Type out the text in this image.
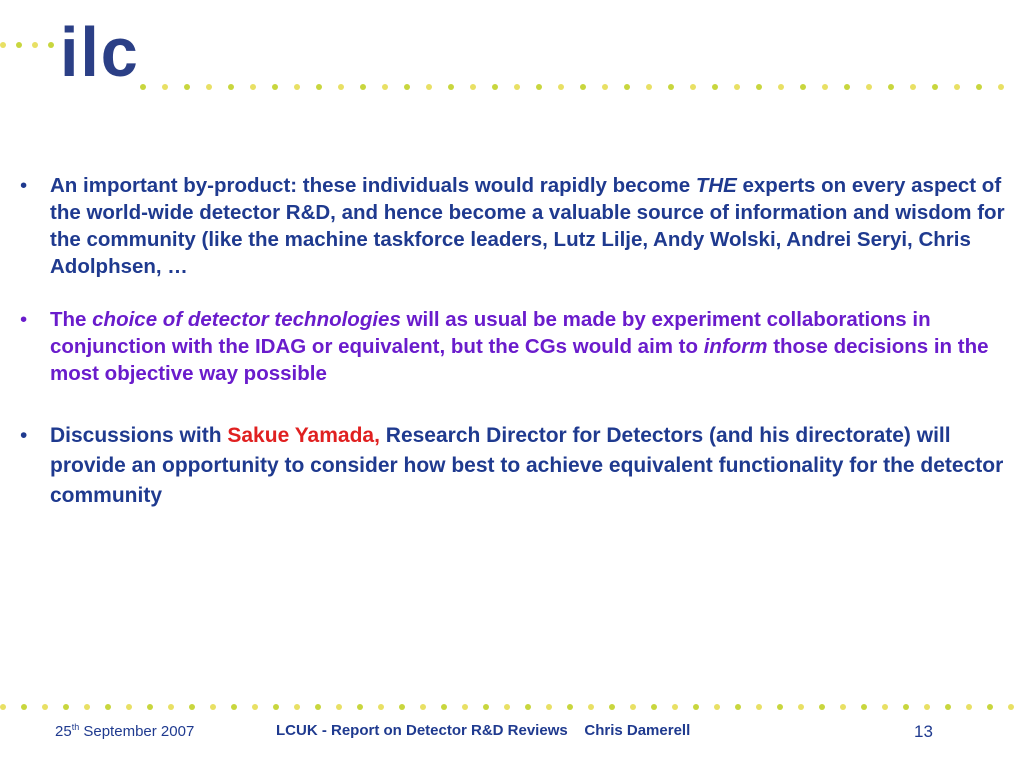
ilc
• An important by-product: these individuals would rapidly become THE experts on every aspect of the world-wide detector R&D, and hence become a valuable source of information and wisdom for the community (like the machine taskforce leaders, Lutz Lilje, Andy Wolski, Andrei Seryi, Chris Adolphsen, …
• The choice of detector technologies will as usual be made by experiment collaborations in conjunction with the IDAG or equivalent, but the CGs would aim to inform those decisions in the most objective way possible
• Discussions with Sakue Yamada, Research Director for Detectors (and his directorate) will provide an opportunity to consider how best to achieve equivalent functionality for the detector community
25th September 2007	LCUK - Report on Detector R&D Reviews    Chris Damerell	13
